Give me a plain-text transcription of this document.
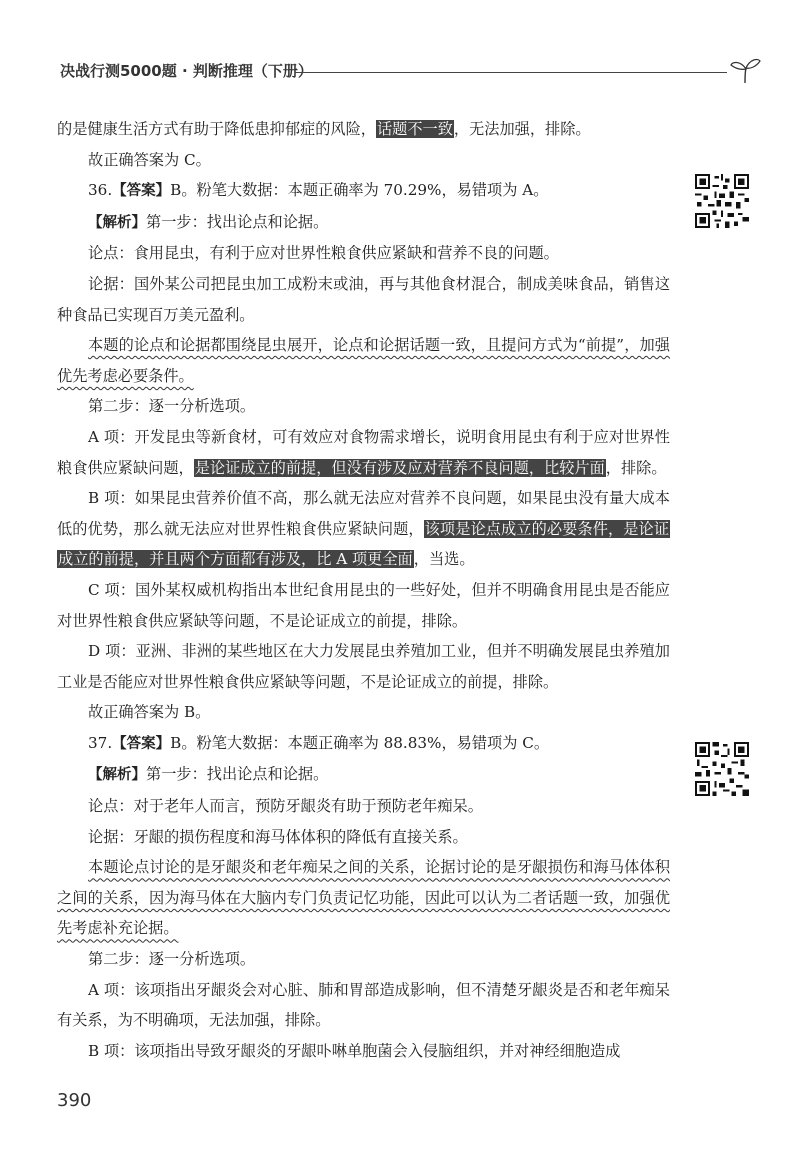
决战行测5000题 · 判断推理（下册）

的是健康生活方式有助于降低患抑郁症的风险，话题不一致，无法加强，排除。

故正确答案为 C。

36.【答案】B。粉笔大数据：本题正确率为 70.29%，易错项为 A。

【解析】第一步：找出论点和论据。

论点：食用昆虫，有利于应对世界性粮食供应紧缺和营养不良的问题。

论据：国外某公司把昆虫加工成粉末或油，再与其他食材混合，制成美味食品，销售这种食品已实现百万美元盈利。

本题的论点和论据都围绕昆虫展开，论点和论据话题一致，且提问方式为“前提”，加强优先考虑必要条件。

第二步：逐一分析选项。

A 项：开发昆虫等新食材，可有效应对食物需求增长，说明食用昆虫有利于应对世界性粮食供应紧缺问题，是论证成立的前提，但没有涉及应对营养不良问题，比较片面，排除。

B 项：如果昆虫营养价值不高，那么就无法应对营养不良问题，如果昆虫没有量大成本低的优势，那么就无法应对世界性粮食供应紧缺问题，该项是论点成立的必要条件，是论证成立的前提，并且两个方面都有涉及，比 A 项更全面，当选。

C 项：国外某权威机构指出本世纪食用昆虫的一些好处，但并不明确食用昆虫是否能应对世界性粮食供应紧缺等问题，不是论证成立的前提，排除。

D 项：亚洲、非洲的某些地区在大力发展昆虫养殖加工业，但并不明确发展昆虫养殖加工业是否能应对世界性粮食供应紧缺等问题，不是论证成立的前提，排除。

故正确答案为 B。

37.【答案】B。粉笔大数据：本题正确率为 88.83%，易错项为 C。

【解析】第一步：找出论点和论据。

论点：对于老年人而言，预防牙龈炎有助于预防老年痴呆。

论据：牙龈的损伤程度和海马体体积的降低有直接关系。

本题论点讨论的是牙龈炎和老年痴呆之间的关系，论据讨论的是牙龈损伤和海马体体积之间的关系，因为海马体在大脑内专门负责记忆功能，因此可以认为二者话题一致，加强优先考虑补充论据。

第二步：逐一分析选项。

A 项：该项指出牙龈炎会对心脏、肺和胃部造成影响，但不清楚牙龈炎是否和老年痴呆有关系，为不明确项，无法加强，排除。

B 项：该项指出导致牙龈炎的牙龈卟啉单胞菌会入侵脑组织，并对神经细胞造成

390
